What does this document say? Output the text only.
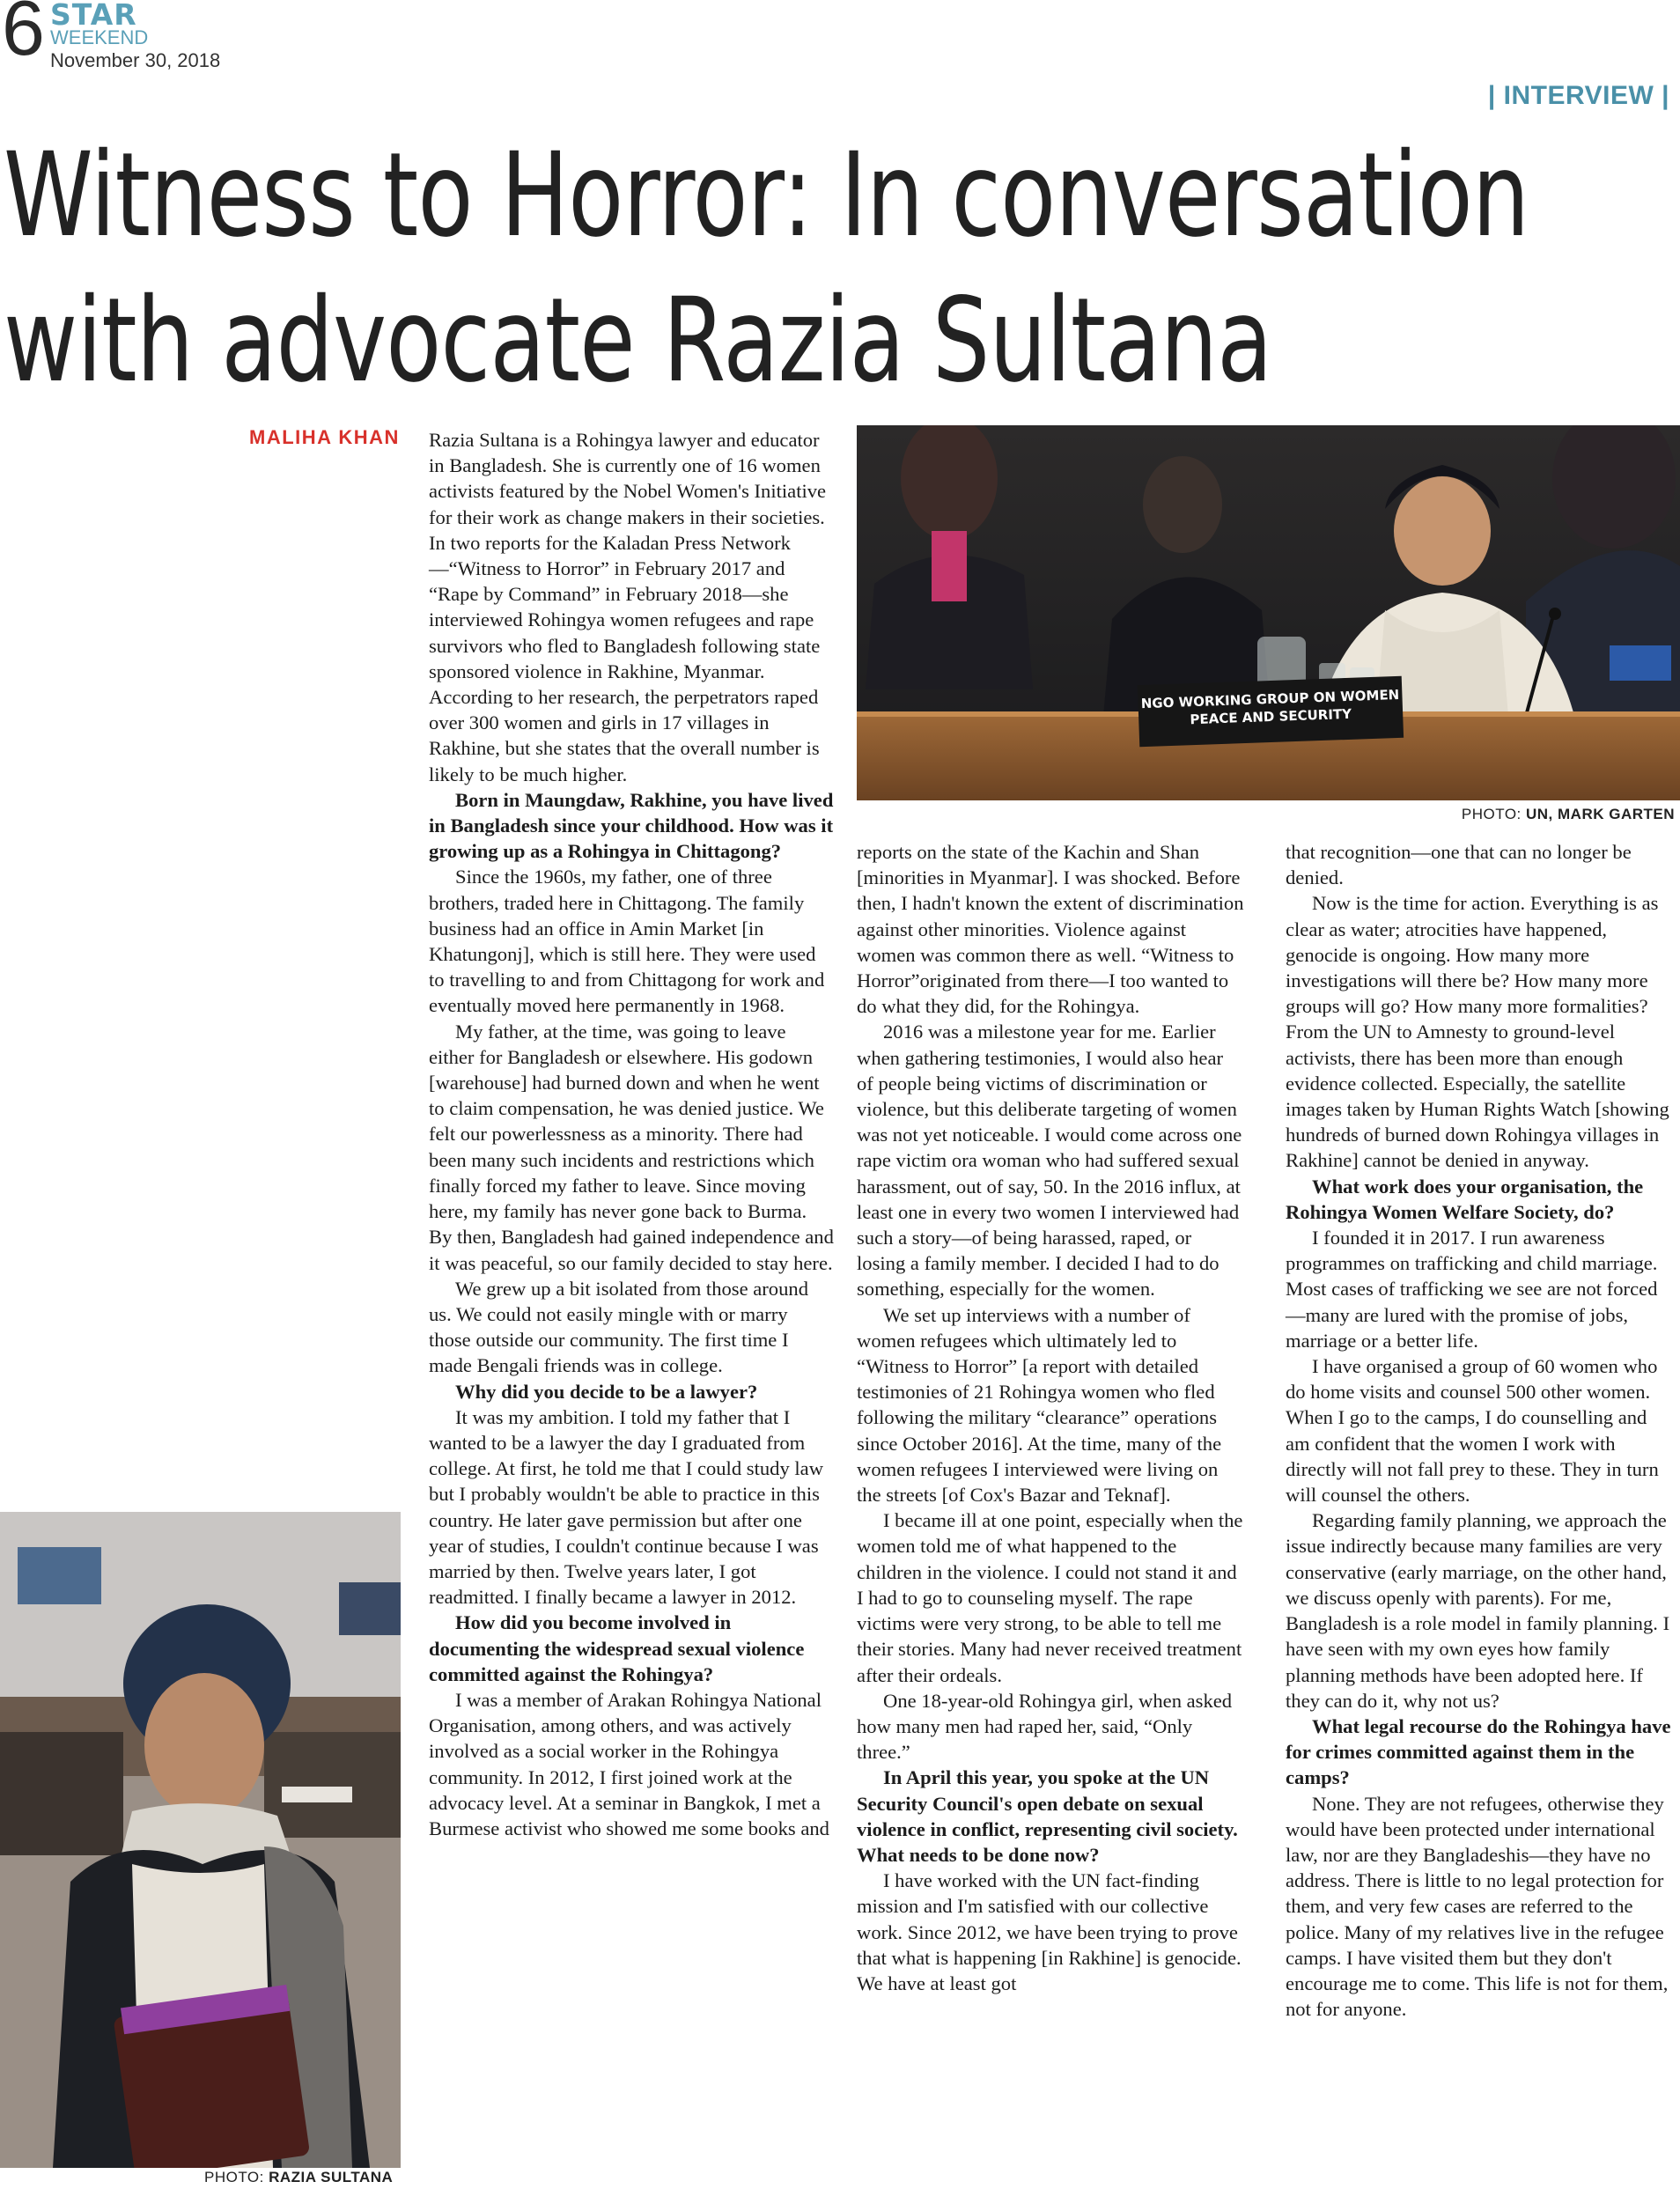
6 STAR
WEEKEND
November 30, 2018
| INTERVIEW |
Witness to Horror: In conversation
with advocate Razia Sultana
MALIHA KHAN Razia Sultana is a Rohingya lawyer and educator in Bangladesh. She is currently one of 16 women activists featured by the Nobel Women's Initiative for their work as change makers in their societies. In two reports for the Kaladan Press Network—“Witness to Horror” in February 2017 and “Rape by Command” in February 2018—she interviewed Rohingya women refugees and rape survivors who fled to Bangladesh following state sponsored violence in Rakhine, Myanmar. According to her research, the perpetrators raped over 300 women and girls in 17 villages in Rakhine, but she states that the overall number is likely to be much higher.

Born in Maungdaw, Rakhine, you have lived in Bangladesh since your childhood. How was it growing up as a Rohingya in Chittagong?

Since the 1960s, my father, one of three brothers, traded here in Chittagong. The family business had an office in Amin Market [in Khatungonj], which is still here. They were used to travelling to and from Chittagong for work and eventually moved here permanently in 1968.

My father, at the time, was going to leave either for Bangladesh or elsewhere. His godown [warehouse] had burned down and when he went to claim compensation, he was denied justice. We felt our powerlessness as a minority. There had been many such incidents and restrictions which finally forced my father to leave. Since moving here, my family has never gone back to Burma. By then, Bangladesh had gained independence and it was peaceful, so our family decided to stay here.

We grew up a bit isolated from those around us. We could not easily mingle with or marry those outside our community. The first time I made Bengali friends was in college.

Why did you decide to be a lawyer?

It was my ambition. I told my father that I wanted to be a lawyer the day I graduated from college. At first, he told me that I could study law but I probably wouldn't be able to practice in this country. He later gave permission but after one year of studies, I couldn't continue because I was married by then. Twelve years later, I got readmitted. I finally became a lawyer in 2012.

How did you become involved in documenting the widespread sexual violence committed against the Rohingya?

I was a member of Arakan Rohingya National Organisation, among others, and was actively involved as a social worker in the Rohingya community. In 2012, I first joined work at the advocacy level. At a seminar in Bangkok, I met a Burmese activist who showed me some books and

reports on the state of the Kachin and Shan [minorities in Myanmar]. I was shocked. Before then, I hadn't known the extent of discrimination against other minorities. Violence against women was common there as well. “Witness to Horror”originated from there—I too wanted to do what they did, for the Rohingya.

2016 was a milestone year for me. Earlier when gathering testimonies, I would also hear of people being victims of discrimination or violence, but this deliberate targeting of women was not yet noticeable. I would come across one rape victim ora woman who had suffered sexual harassment, out of say, 50. In the 2016 influx, at least one in every two women I interviewed had such a story—of being harassed, raped, or losing a family member. I decided I had to do something, especially for the women.

We set up interviews with a number of women refugees which ultimately led to “Witness to Horror” [a report with detailed testimonies of 21 Rohingya women who fled following the military “clearance” operations since October 2016]. At the time, many of the women refugees I interviewed were living on the streets [of Cox's Bazar and Teknaf].

I became ill at one point, especially when the women told me of what happened to the children in the violence. I could not stand it and I had to go to counseling myself. The rape victims were very strong, to be able to tell me their stories. Many had never received treatment after their ordeals.

One 18-year-old Rohingya girl, when asked how many men had raped her, said, “Only three.”

In April this year, you spoke at the UN Security Council's open debate on sexual violence in conflict, representing civil society. What needs to be done now?

I have worked with the UN fact-finding mission and I'm satisfied with our collective work. Since 2012, we have been trying to prove that what is happening [in Rakhine] is genocide. We have at least got

that recognition—one that can no longer be denied.

Now is the time for action. Everything is as clear as water; atrocities have happened, genocide is ongoing. How many more investigations will there be? How many more groups will go? How many more formalities? From the UN to Amnesty to ground-level activists, there has been more than enough evidence collected. Especially, the satellite images taken by Human Rights Watch [showing hundreds of burned down Rohingya villages in Rakhine] cannot be denied in anyway.

What work does your organisation, the Rohingya Women Welfare Society, do?

I founded it in 2017. I run awareness programmes on trafficking and child marriage. Most cases of trafficking we see are not forced—many are lured with the promise of jobs, marriage or a better life.

I have organised a group of 60 women who do home visits and counsel 500 other women. When I go to the camps, I do counselling and am confident that the women I work with directly will not fall prey to these. They in turn will counsel the others.

Regarding family planning, we approach the issue indirectly because many families are very conservative (early marriage, on the other hand, we discuss openly with parents). For me, Bangladesh is a role model in family planning. I have seen with my own eyes how family planning methods have been adopted here. If they can do it, why not us?

What legal recourse do the Rohingya have for crimes committed against them in the camps?

None. They are not refugees, otherwise they would have been protected under international law, nor are they Bangladeshis—they have no address. There is little to no legal protection for them, and very few cases are referred to the police. Many of my relatives live in the refugee camps. I have visited them but they don't encourage me to come. This life is not for them, not for anyone.

NGO WORKING GROUP ON WOMEN
PEACE AND SECURITY
PHOTO: UN, MARK GARTEN
PHOTO: RAZIA SULTANA
